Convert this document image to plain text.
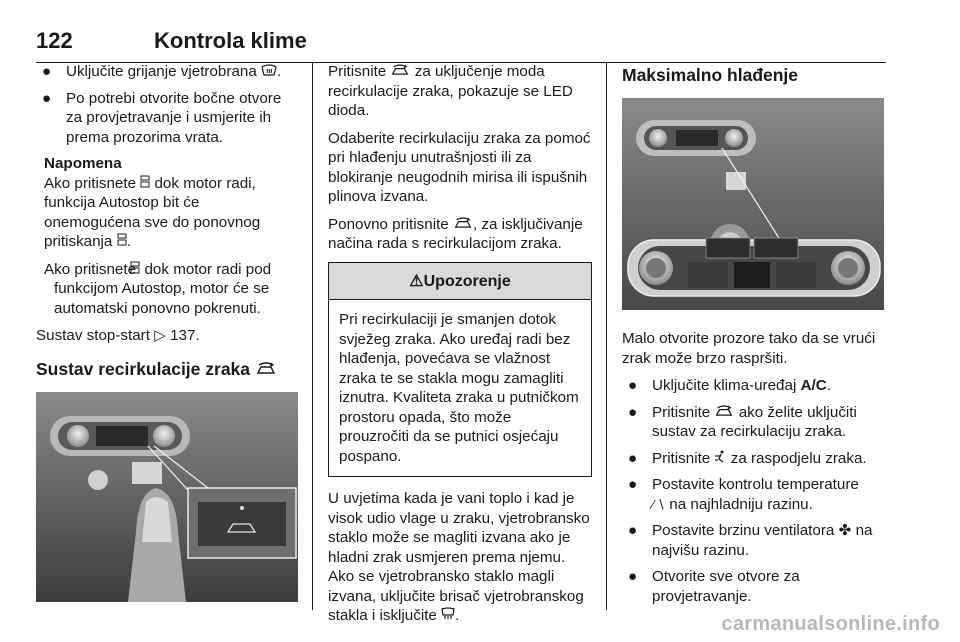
122	Kontrola klime
● Uključite grijanje vjetrobrana .
● Po potrebi otvorite bočne otvore za provjetravanje i usmjerite ih prema prozorima vrata.
Napomena
Ako pritisnete dok motor radi, funkcija Autostop bit će onemogućena sve do ponovnog pritiskanja .
Ako pritisnete dok motor radi pod funkcijom Autostop, motor će se automatski ponovno pokrenuti.

Sustav stop-start ▷ 137.

Sustav recirkulacije zraka

Pritisnite za uključenje moda recirkulacije zraka, pokazuje se LED dioda.

Odaberite recirkulaciju zraka za pomoć pri hlađenju unutrašnjosti ili za blokiranje neugodnih mirisa ili ispušnih plinova izvana.

Ponovno pritisnite , za isključivanje načina rada s recirkulacijom zraka.

⚠Upozorenje
Pri recirkulaciji je smanjen dotok svježeg zraka. Ako uređaj radi bez hlađenja, povećava se vlažnost zraka te se stakla mogu zamagliti iznutra. Kvaliteta zraka u putničkom prostoru opada, što može prouzročiti da se putnici osjećaju pospano.

U uvjetima kada je vani toplo i kad je visok udio vlage u zraku, vjetrobransko staklo može se magliti izvana ako je hladni zrak usmjeren prema njemu. Ako se vjetrobransko staklo magli izvana, uključite brisač vjetrobranskog stakla i isključite .

Maksimalno hlađenje

Malo otvorite prozore tako da se vrući zrak može brzo raspršiti.

● Uključite klima-uređaj A/C.
● Pritisnite ako želite uključiti sustav za recirkulaciju zraka.
● Pritisnite za raspodjelu zraka.
● Postavite kontrolu temperature
∕ ∖ na najhladniju razinu.
● Postavite brzinu ventilatora ✤ na najvišu razinu.
● Otvorite sve otvore za provjetravanje.
carmanualsonline.info
